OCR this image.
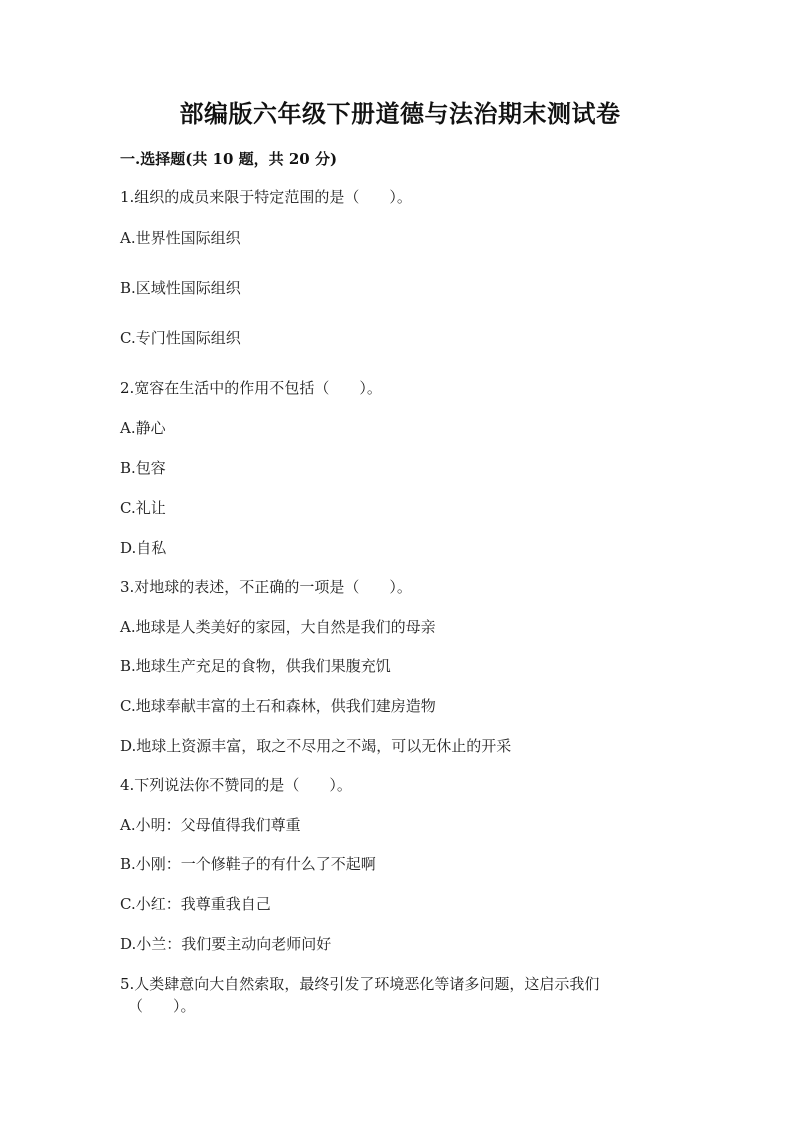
部编版六年级下册道德与法治期末测试卷
一.选择题(共 10 题，共 20 分)
1.组织的成员来限于特定范围的是（　　）。
A.世界性国际组织
B.区域性国际组织
C.专门性国际组织
2.宽容在生活中的作用不包括（　　）。
A.静心
B.包容
C.礼让
D.自私
3.对地球的表述，不正确的一项是（　　）。
A.地球是人类美好的家园，大自然是我们的母亲
B.地球生产充足的食物，供我们果腹充饥
C.地球奉献丰富的土石和森林，供我们建房造物
D.地球上资源丰富，取之不尽用之不竭，可以无休止的开采
4.下列说法你不赞同的是（　　）。
A.小明：父母值得我们尊重
B.小刚：一个修鞋子的有什么了不起啊
C.小红：我尊重我自己
D.小兰：我们要主动向老师问好
5.人类肆意向大自然索取，最终引发了环境恶化等诸多问题，这启示我们
（　　）。
